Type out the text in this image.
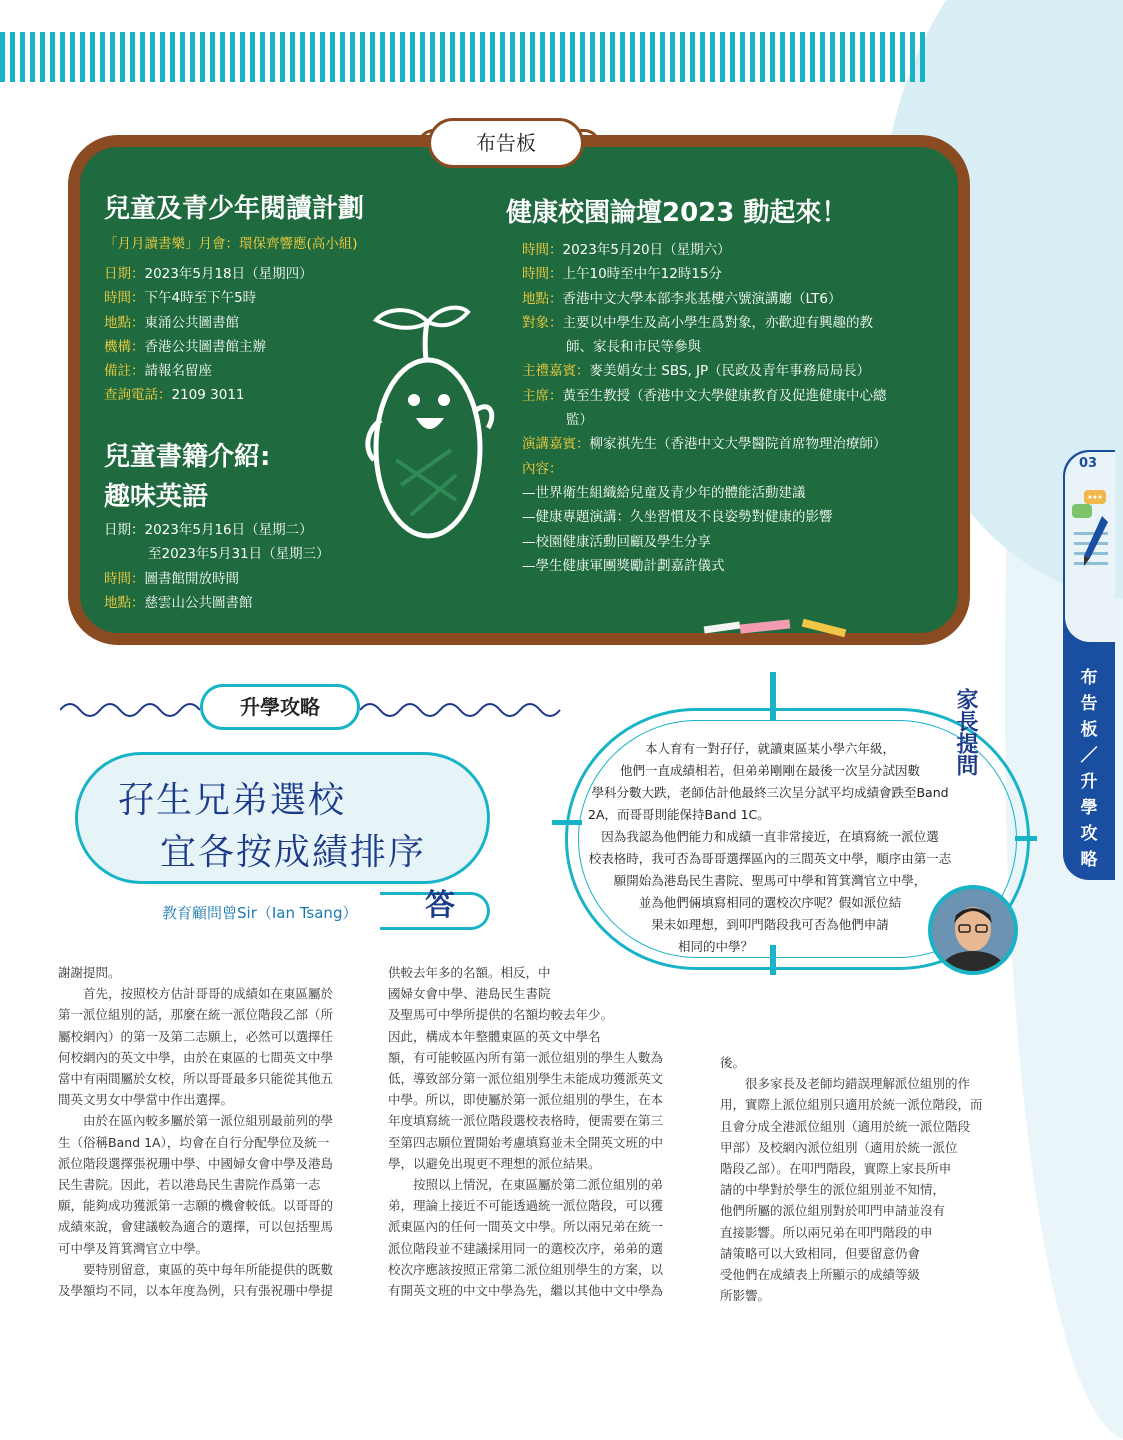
03
布告板／升學攻略
布告板
兒童及青少年閱讀計劃
「月月讀書樂」月會：環保齊響應(高小組)
日期：2023年5月18日（星期四）
時間：下午4時至下午5時
地點：東涌公共圖書館
機構：香港公共圖書館主辦
備註：請報名留座
查詢電話：2109 3011
兒童書籍介紹:
趣味英語
日期：2023年5月16日（星期二）
至2023年5月31日（星期三）
時間：圖書館開放時間
地點：慈雲山公共圖書館
健康校園論壇2023 動起來！
時間：2023年5月20日（星期六）
時間：上午10時至中午12時15分
地點：香港中文大學本部李兆基樓六號演講廳（LT6）
對象：主要以中學生及高小學生爲對象，亦歡迎有興趣的教
師、家長和市民等參與
主禮嘉賓：麥美娟女士 SBS, JP（民政及青年事務局局長）
主席：黃至生教授（香港中文大學健康教育及促進健康中心總
監）
演講嘉賓：柳家祺先生（香港中文大學醫院首席物理治療師）
內容：
—世界衛生組織給兒童及青少年的體能活動建議
—健康專題演講：久坐習慣及不良姿勢對健康的影響
—校園健康活動回顧及學生分享
—學生健康軍團獎勵計劃嘉許儀式
升學攻略
孖生兄弟選校
宜各按成績排序
教育顧問曾Sir（Ian Tsang） 答
家長提問
本人育有一對孖仔，就讀東區某小學六年級，
他們一直成績相若，但弟弟剛剛在最後一次呈分試因數
學科分數大跌，老師估計他最終三次呈分試平均成績會跌至Band
2A，而哥哥則能保持Band 1C。
因為我認為他們能力和成績一直非常接近，在填寫統一派位選
校表格時，我可否為哥哥選擇區內的三間英文中學，順序由第一志
願開始為港島民生書院、聖馬可中學和筲箕灣官立中學，
並為他們倆填寫相同的選校次序呢？假如派位結
果未如理想，到叩門階段我可否為他們申請
相同的中學？
謝謝提問。
　　首先，按照校方估計哥哥的成績如在東區屬於
第一派位組別的話，那麼在統一派位階段乙部（所
屬校網內）的第一及第二志願上，必然可以選擇任
何校網內的英文中學，由於在東區的七間英文中學
當中有兩間屬於女校，所以哥哥最多只能從其他五
間英文男女中學當中作出選擇。
　　由於在區內較多屬於第一派位組別最前列的學
生（俗稱Band 1A），均會在自行分配學位及統一
派位階段選擇張祝珊中學、中國婦女會中學及港島
民生書院。因此，若以港島民生書院作爲第一志
願，能夠成功獲派第一志願的機會較低。以哥哥的
成績來說，會建議較為適合的選擇，可以包括聖馬
可中學及筲箕灣官立中學。
　　要特別留意，東區的英中每年所能提供的既數
及學額均不同，以本年度為例，只有張祝珊中學提
供較去年多的名額。相反，中
國婦女會中學、港島民生書院
及聖馬可中學所提供的名額均較去年少。
因此，構成本年整體東區的英文中學名
額，有可能較區內所有第一派位組別的學生人數為
低，導致部分第一派位組別學生未能成功獲派英文
中學。所以，即使屬於第一派位組別的學生，在本
年度填寫統一派位階段選校表格時，便需要在第三
至第四志願位置開始考慮填寫並未全開英文班的中
學，以避免出現更不理想的派位結果。
　　按照以上情況，在東區屬於第二派位組別的弟
弟，理論上接近不可能透過統一派位階段，可以獲
派東區內的任何一間英文中學。所以兩兄弟在統一
派位階段並不建議採用同一的選校次序，弟弟的選
校次序應該按照正常第二派位組別學生的方案，以
有開英文班的中文中學為先，繼以其他中文中學為
後。
　　很多家長及老師均錯誤理解派位組別的作
用，實際上派位組別只適用於統一派位階段，而
且會分成全港派位組別（適用於統一派位階段
甲部）及校網內派位組別（適用於統一派位
階段乙部）。在叩門階段，實際上家長所申
請的中學對於學生的派位組別並不知情，
他們所屬的派位組別對於叩門申請並沒有
直接影響。所以兩兄弟在叩門階段的申
請策略可以大致相同，但要留意仍會
受他們在成績表上所顯示的成績等級
所影響。
